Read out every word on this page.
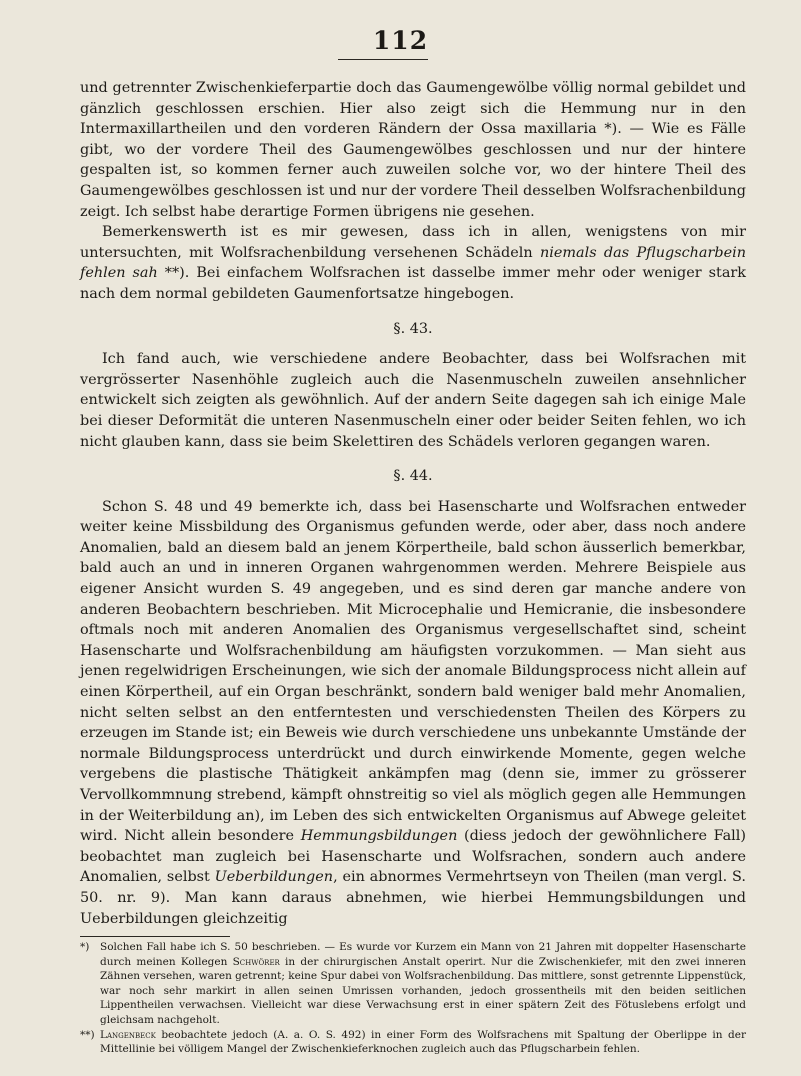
112

und getrennter Zwischenkieferpartie doch das Gaumengewölbe völlig normal gebildet und gänzlich geschlossen erschien. Hier also zeigt sich die Hemmung nur in den Intermaxillartheilen und den vorderen Rändern der Ossa maxillaria *). — Wie es Fälle gibt, wo der vordere Theil des Gaumengewölbes geschlossen und nur der hintere gespalten ist, so kommen ferner auch zuweilen solche vor, wo der hintere Theil des Gaumengewölbes geschlossen ist und nur der vordere Theil desselben Wolfsrachenbildung zeigt. Ich selbst habe derartige Formen übrigens nie gesehen.

Bemerkenswerth ist es mir gewesen, dass ich in allen, wenigstens von mir untersuchten, mit Wolfsrachenbildung versehenen Schädeln niemals das Pflugscharbein fehlen sah **). Bei einfachem Wolfsrachen ist dasselbe immer mehr oder weniger stark nach dem normal gebildeten Gaumenfortsatze hingebogen.

§. 43.

Ich fand auch, wie verschiedene andere Beobachter, dass bei Wolfsrachen mit vergrösserter Nasenhöhle zugleich auch die Nasenmuscheln zuweilen ansehnlicher entwickelt sich zeigten als gewöhnlich. Auf der andern Seite dagegen sah ich einige Male bei dieser Deformität die unteren Nasenmuscheln einer oder beider Seiten fehlen, wo ich nicht glauben kann, dass sie beim Skelettiren des Schädels verloren gegangen waren.

§. 44.

Schon S. 48 und 49 bemerkte ich, dass bei Hasenscharte und Wolfsrachen entweder weiter keine Missbildung des Organismus gefunden werde, oder aber, dass noch andere Anomalien, bald an diesem bald an jenem Körpertheile, bald schon äusserlich bemerkbar, bald auch an und in inneren Organen wahrgenommen werden. Mehrere Beispiele aus eigener Ansicht wurden S. 49 angegeben, und es sind deren gar manche andere von anderen Beobachtern beschrieben. Mit Microcephalie und Hemicranie, die insbesondere oftmals noch mit anderen Anomalien des Organismus vergesellschaftet sind, scheint Hasenscharte und Wolfsrachenbildung am häufigsten vorzukommen. — Man sieht aus jenen regelwidrigen Erscheinungen, wie sich der anomale Bildungsprocess nicht allein auf einen Körpertheil, auf ein Organ beschränkt, sondern bald weniger bald mehr Anomalien, nicht selten selbst an den entferntesten und verschiedensten Theilen des Körpers zu erzeugen im Stande ist; ein Beweis wie durch verschiedene uns unbekannte Umstände der normale Bildungsprocess unterdrückt und durch einwirkende Momente, gegen welche vergebens die plastische Thätigkeit ankämpfen mag (denn sie, immer zu grösserer Vervollkommnung strebend, kämpft ohnstreitig so viel als möglich gegen alle Hemmungen in der Weiterbildung an), im Leben des sich entwickelten Organismus auf Abwege geleitet wird. Nicht allein besondere Hemmungsbildungen (diess jedoch der gewöhnlichere Fall) beobachtet man zugleich bei Hasenscharte und Wolfsrachen, sondern auch andere Anomalien, selbst Ueberbildungen, ein abnormes Vermehrtseyn von Theilen (man vergl. S. 50. nr. 9). Man kann daraus abnehmen, wie hierbei Hemmungsbildungen und Ueberbildungen gleichzeitig

*) Solchen Fall habe ich S. 50 beschrieben. — Es wurde vor Kurzem ein Mann von 21 Jahren mit doppelter Hasenscharte durch meinen Kollegen Schwörer in der chirurgischen Anstalt operirt. Nur die Zwischenkiefer, mit den zwei inneren Zähnen versehen, waren getrennt; keine Spur dabei von Wolfsrachenbildung. Das mittlere, sonst getrennte Lippenstück, war noch sehr markirt in allen seinen Umrissen vorhanden, jedoch grossentheils mit den beiden seitlichen Lippentheilen verwachsen. Vielleicht war diese Verwachsung erst in einer spätern Zeit des Fötuslebens erfolgt und gleichsam nachgeholt.

**) Langenbeck beobachtete jedoch (A. a. O. S. 492) in einer Form des Wolfsrachens mit Spaltung der Oberlippe in der Mittellinie bei völligem Mangel der Zwischenkieferknochen zugleich auch das Pflugscharbein fehlen.
